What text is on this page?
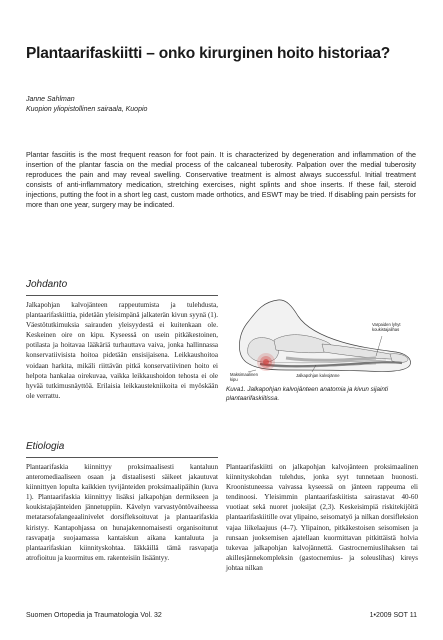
Plantaarifaskiitti – onko kirurginen hoito historiaa?
Janne Sahlman
Kuopion yliopistollinen sairaala, Kuopio
Plantar fasciitis is the most frequent reason for foot pain. It is characterized by degeneration and inflammation of the insertion of the plantar fascia on the medial process of the calcaneal tuberosity. Palpation over the medial tuberosity reproduces the pain and may reveal swelling. Conservative treatment is almost always successful. Initial treatment consists of anti-inflammatory medication, stretching exercises, night splints and shoe inserts. If these fail, steroid injections, putting the foot in a short leg cast, custom made orthotics, and ESWT may be tried. If disabling pain persists for more than one year, surgery may be indicated.
Johdanto
Jalkapohjan kalvojänteen rappeutumista ja tulehdusta, plantaarifaskiittia, pidetään yleisimpänä jalkaterän kivun syynä (1). Väestötutkimuksia sairauden yleisyydestä ei kuitenkaan ole. Keskeinen oire on kipu. Kyseessä on usein pitkäkestoinen, potilasta ja hoitavaa lääkäriä turhauttava vaiva, jonka hallinnassa konservatiivisista hoitoa pidetään ensisijaisena. Leikkaushoitoa voidaan harkita, mikäli riittävän pitkä konservatiivinen hoito ei helpota hankalaa oirekuvaa, vaikka leikkaushoidon tehosta ei ole hyvää tutkimusnäyttöä. Erilaisia leikkaustekniikoita ei myöskään ole verrattu.
Plantaarifaskia kiinnittyy proksimaalisesti kantaluun anteromediaaliseen osaan ja distaalisesti säikeet jakautuvat kiinnittyen lopulta kaikkien tyvijänteiden proksimaalipäihin (kuva 1). Plantaarifaskia kiinnittyy lisäksi jalkapohjan dermikseen ja koukistajajänteiden jännetuppiin. Kävelyn varvastyöntövaiheessa metatarsofalangeaalinivelet dorsifleksoituvat ja plantaarifaskia kiristyy. Kantapohjassa on hunajakennomaisesti organisoitunut rasvapatja suojaamassa kantaiskun aikana kantaluuta ja plantaarifaskian kiinnityskohtaa. Iäkkäillä tämä rasvapatja atrofioituu ja kuormitus em. rakenteisiin lisääntyy.
Plantaarifaskiitti on jalkapohjan kalvojänteen proksimaalinen kiinnityskohdan tulehdus, jonka syyt tunnetaan huonosti. Kroonistuneessa vaivassa kyseessä on jänteen rappeuma eli tendinoosi. Yleisimmin plantaarifaskiitista sairastavat 40-60 vuotiaat sekä nuoret juoksijat (2,3). Keskeisimpiä riskitekijöitä plantaarifaskiitille ovat ylipaino, seisomatyö ja nilkan dorsifleksion vajaa liikelaajuus (4–7). Ylipainon, pitkäkestoisen seisomisen ja runsaan juoksemisen ajatellaan kuormittavan pitkittäistä holvia tukevaa jalkapohjan kalvojännettä. Gastrocnemiuslihaksen tai akillesjännekompleksin (gastocnemius- ja soleuslihas) kireys johtaa nilkan
Varpaiden lyhyt
koukistajalihas
Maksimaalinen
kipu
Jalkapohjan kalvojänne
Kuva1. Jalkapohjan kalvojänteen anatomia ja kivun sijainti plantaarifaskiitissa.
Suomen Ortopedia ja Traumatologia Vol. 32	1•2009 SOT 11
Etiologia
